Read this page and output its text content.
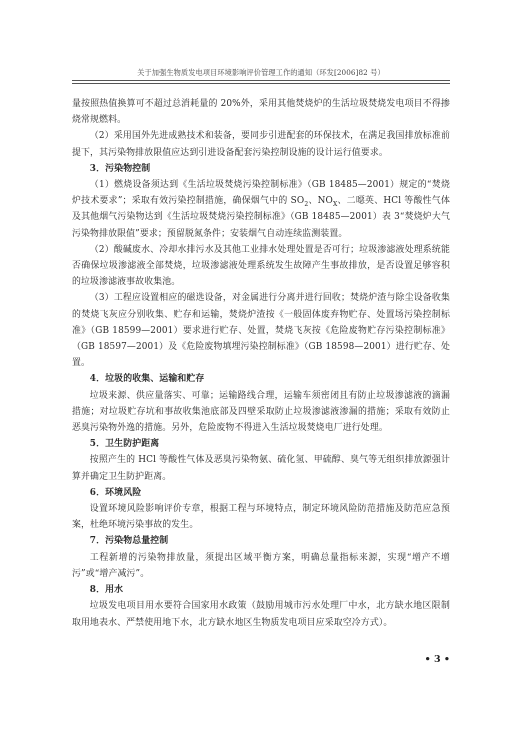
关于加强生物质发电项目环境影响评价管理工作的通知（环发[2006]82 号）

量按照热值换算可不超过总消耗量的 20%外，采用其他焚烧炉的生活垃圾焚烧发电项目不得掺烧常规燃料。

（2）采用国外先进成熟技术和装备，要同步引进配套的环保技术，在满足我国排放标准前提下，其污染物排放限值应达到引进设备配套污染控制设施的设计运行值要求。

3．污染物控制

（1）燃烧设备须达到《生活垃圾焚烧污染控制标准》（GB 18485—2001）规定的“焚烧炉技术要求”；采取有效污染控制措施，确保烟气中的 $SO_2$、$NO_X$、二噁英、HCl 等酸性气体及其他烟气污染物达到《生活垃圾焚烧污染控制标准》（GB 18485—2001）表 3“焚烧炉大气污染物排放限值”要求；预留脱氮条件；安装烟气自动连续监测装置。

（2）酸碱废水、冷却水排污水及其他工业排水处理处置是否可行；垃圾渗滤液处理系统能否确保垃圾渗滤液全部焚烧，垃圾渗滤液处理系统发生故障产生事故排放，是否设置足够容积的垃圾渗滤液事故收集池。

（3）工程应设置相应的磁选设备，对金属进行分离并进行回收；焚烧炉渣与除尘设备收集的焚烧飞灰应分别收集、贮存和运输，焚烧炉渣按《一般固体废弃物贮存、处置场污染控制标准》（GB 18599—2001）要求进行贮存、处置，焚烧飞灰按《危险废物贮存污染控制标准》（GB 18597—2001）及《危险废物填埋污染控制标准》（GB 18598—2001）进行贮存、处置。

4．垃圾的收集、运输和贮存

垃圾来源、供应量落实、可靠；运输路线合理，运输车须密闭且有防止垃圾渗滤液的滴漏措施；对垃圾贮存坑和事故收集池底部及四壁采取防止垃圾渗滤液渗漏的措施；采取有效防止恶臭污染物外逸的措施。另外，危险废物不得进入生活垃圾焚烧电厂进行处理。

5．卫生防护距离

按照产生的 HCl 等酸性气体及恶臭污染物氨、硫化氢、甲硫醇、臭气等无组织排放源强计算并确定卫生防护距离。

6．环境风险

设置环境风险影响评价专章，根据工程与环境特点，制定环境风险防范措施及防范应急预案，杜绝环境污染事故的发生。

7．污染物总量控制

工程新增的污染物排放量，须提出区域平衡方案，明确总量指标来源，实现“增产不增污”或“增产减污”。

8．用水

垃圾发电项目用水要符合国家用水政策（鼓励用城市污水处理厂中水，北方缺水地区限制取用地表水、严禁使用地下水，北方缺水地区生物质发电项目应采取空冷方式）。

• 3 •
